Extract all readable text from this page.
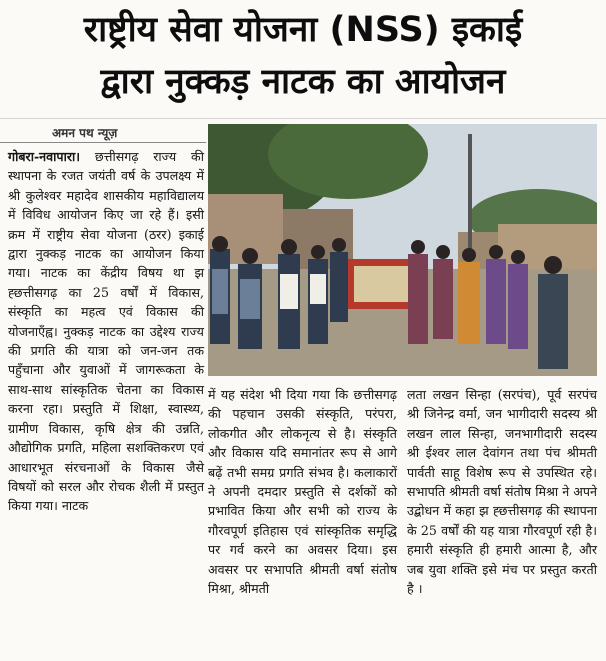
राष्ट्रीय सेवा योजना (NSS) इकाई
द्वारा नुक्कड़ नाटक का आयोजन
अमन पथ न्यूज़

गोबरा-नवापारा। छत्तीसगढ़ राज्य की स्थापना के रजत जयंती वर्ष के उपलक्ष्य में श्री कुलेश्वर महादेव शासकीय महाविद्यालय में विविध आयोजन किए जा रहे हैं। इसी क्रम में राष्ट्रीय सेवा योजना (ठरर) इकाई द्वारा नुक्कड़ नाटक का आयोजन किया गया। नाटक का केंद्रीय विषय था झ ह्छत्तीसगढ़ का 25 वर्षों में विकास, संस्कृति का महत्व एवं विकास की योजनाएँह्व। नुक्कड़ नाटक का उद्देश्य राज्य की प्रगति की यात्रा को जन-जन तक पहुँचाना और युवाओं में जागरूकता के साथ-साथ सांस्कृतिक चेतना का विकास करना रहा। प्रस्तुति में शिक्षा, स्वास्थ्य, ग्रामीण विकास, कृषि क्षेत्र की उन्नति, औद्योगिक प्रगति, महिला सशक्तिकरण एवं आधारभूत संरचनाओं के विकास जैसे विषयों को सरल और रोचक शैली में प्रस्तुत किया गया। नाटक

में यह संदेश भी दिया गया कि छत्तीसगढ़ की पहचान उसकी संस्कृति, परंपरा, लोकगीत और लोकनृत्य से है। संस्कृति और विकास यदि समानांतर रूप से आगे बढ़ें तभी समग्र प्रगति संभव है। कलाकारों ने अपनी दमदार प्रस्तुति से दर्शकों को प्रभावित किया और सभी को राज्य के गौरवपूर्ण इतिहास एवं सांस्कृतिक समृद्धि पर गर्व करने का अवसर दिया। इस अवसर पर सभापति श्रीमती वर्षा संतोष मिश्रा, श्रीमती

लता लखन सिन्हा (सरपंच), पूर्व सरपंच श्री जिनेन्द्र वर्मा, जन भागीदारी सदस्य श्री लखन लाल सिन्हा, जनभागीदारी सदस्य श्री ईश्वर लाल देवांगन तथा पंच श्रीमती पार्वती साहू विशेष रूप से उपस्थित रहे। सभापति श्रीमती वर्षा संतोष मिश्रा ने अपने उद्बोधन में कहा झ ह्छत्तीसगढ़ की स्थापना के 25 वर्षों की यह यात्रा गौरवपूर्ण रही है। हमारी संस्कृति ही हमारी आत्मा है, और जब युवा शक्ति इसे मंच पर प्रस्तुत करती है ।
